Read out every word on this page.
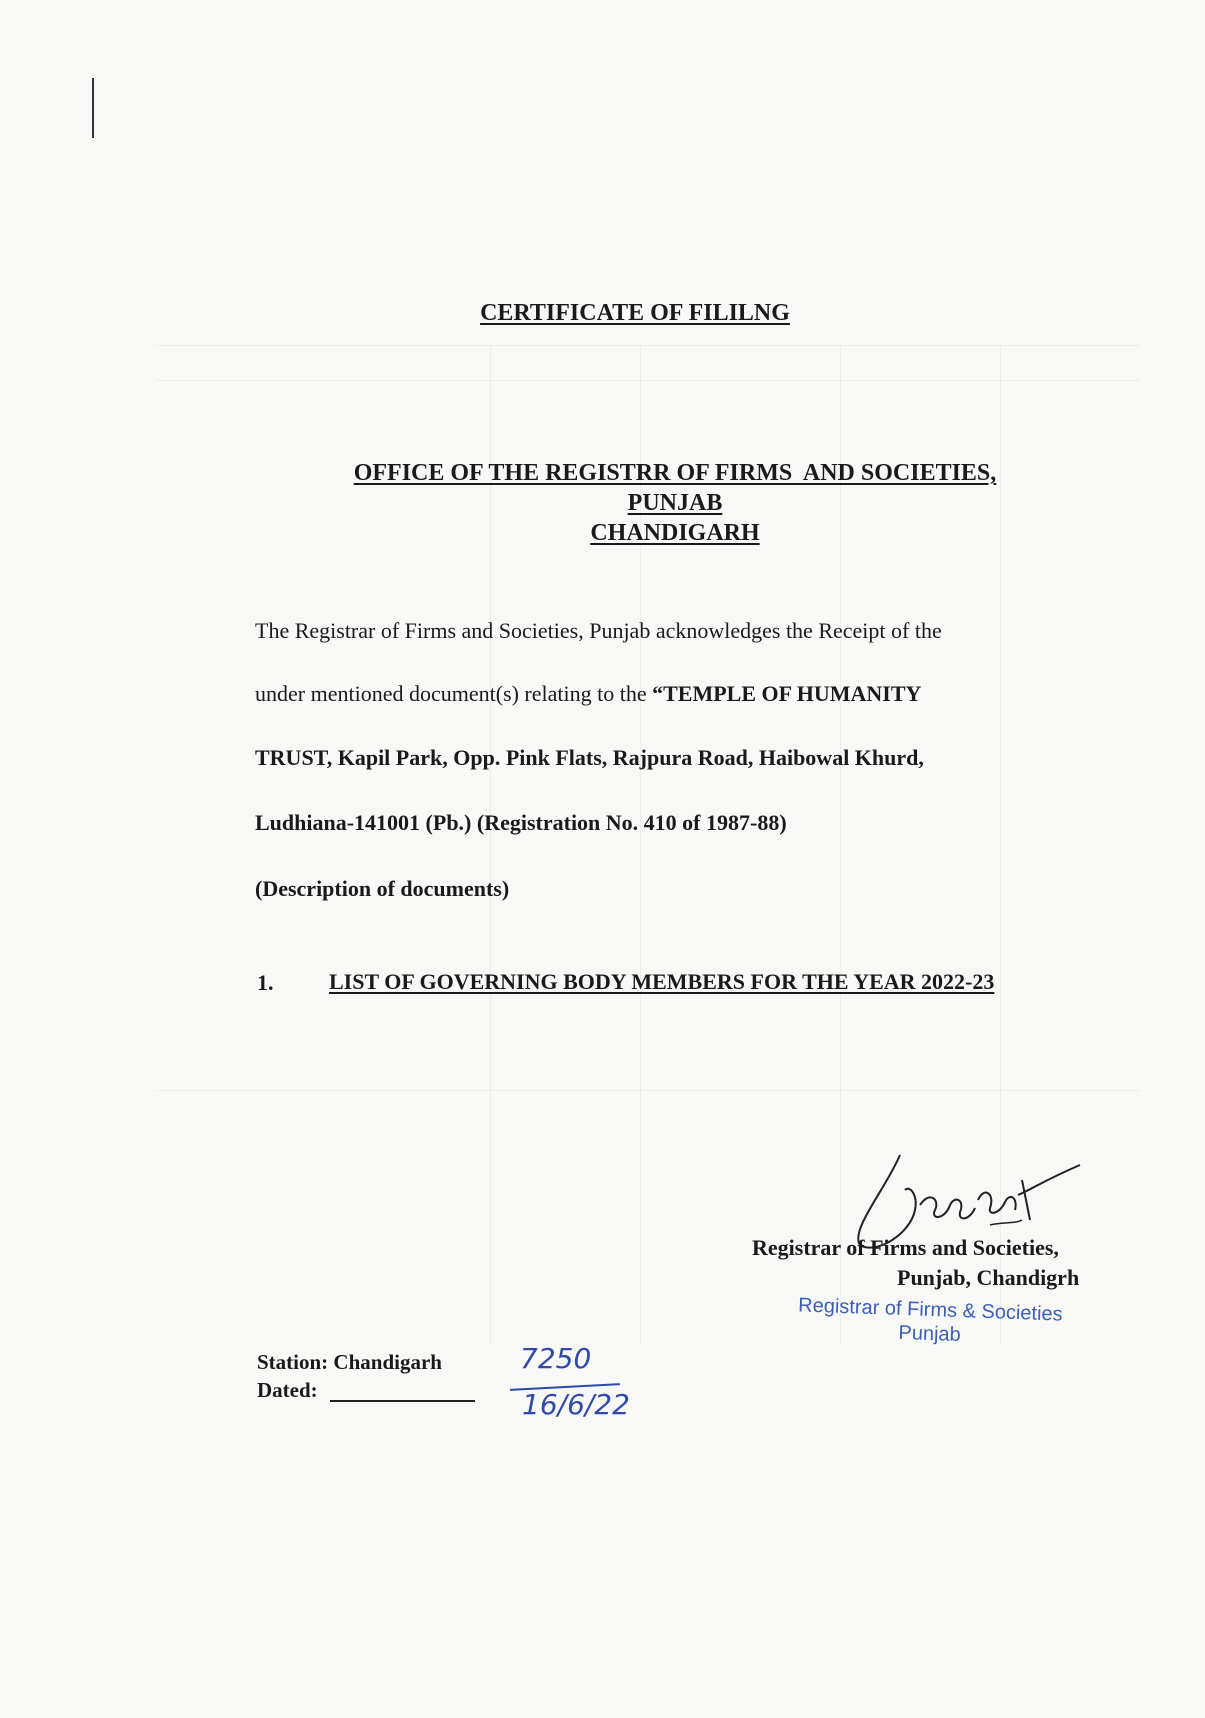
CERTIFICATE OF FILILNG
OFFICE OF THE REGISTRR OF FIRMS  AND SOCIETIES,
PUNJAB
CHANDIGARH
The Registrar of Firms and Societies, Punjab acknowledges the Receipt of the
under mentioned document(s) relating to the “TEMPLE OF HUMANITY
TRUST, Kapil Park, Opp. Pink Flats, Rajpura Road, Haibowal Khurd,
Ludhiana-141001 (Pb.) (Registration No. 410 of 1987-88)
(Description of documents)
1.	LIST OF GOVERNING BODY MEMBERS FOR THE YEAR 2022-23
Registrar of Firms and Societies,
Punjab, Chandigrh
Registrar of Firms & Societies
Punjab
Station: Chandigarh
Dated:
7250
16/6/22
